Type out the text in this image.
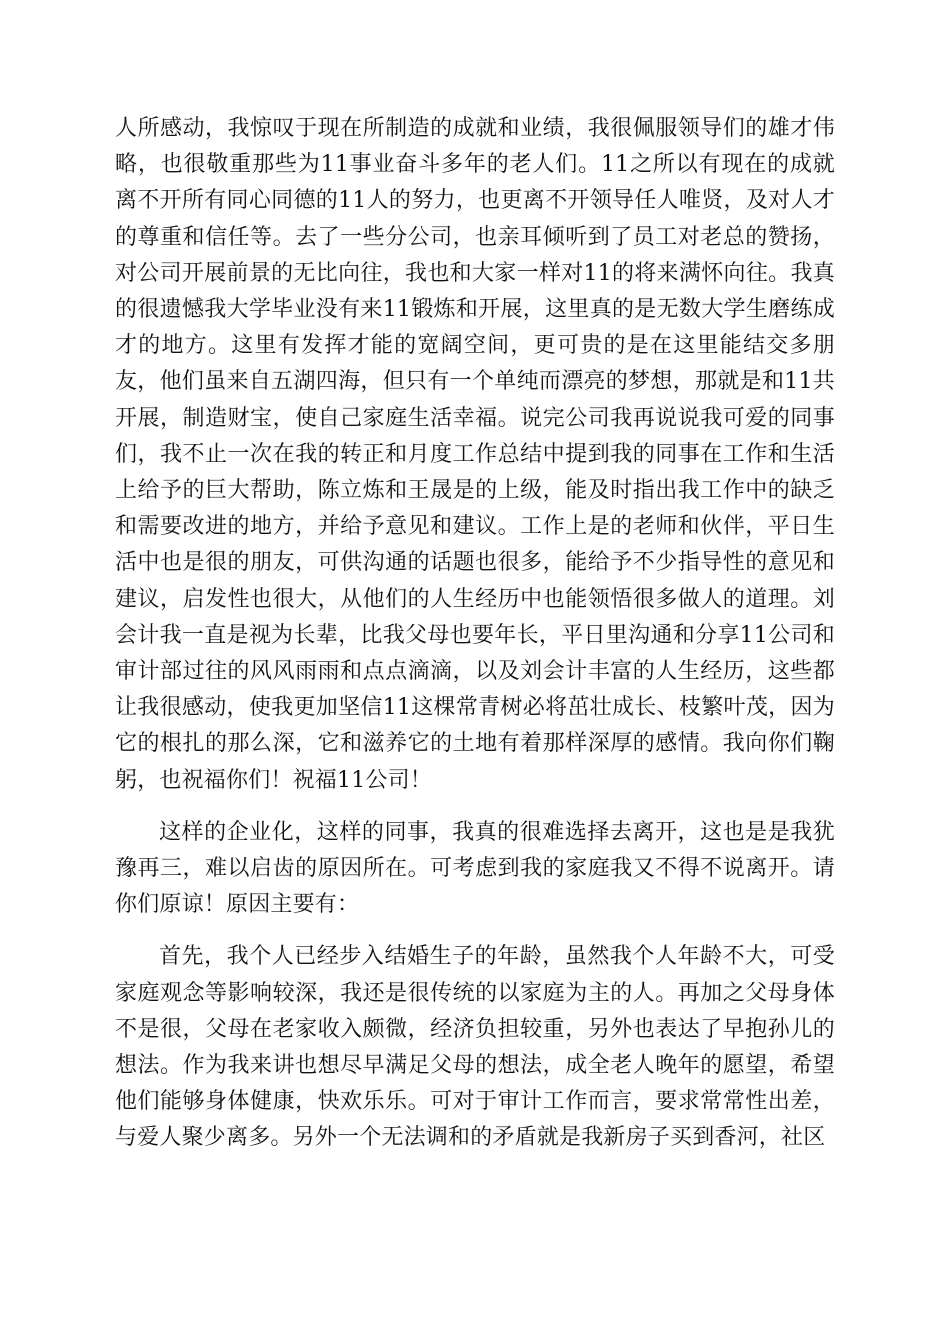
人所感动，我惊叹于现在所制造的成就和业绩，我很佩服领导们的雄才伟略，也很敬重那些为11事业奋斗多年的老人们。11之所以有现在的成就离不开所有同心同德的11人的努力，也更离不开领导任人唯贤，及对人才的尊重和信任等。去了一些分公司，也亲耳倾听到了员工对老总的赞扬，对公司开展前景的无比向往，我也和大家一样对11的将来满怀向往。我真的很遗憾我大学毕业没有来11锻炼和开展，这里真的是无数大学生磨练成才的地方。这里有发挥才能的宽阔空间，更可贵的是在这里能结交多朋友，他们虽来自五湖四海，但只有一个单纯而漂亮的梦想，那就是和11共开展，制造财宝，使自己家庭生活幸福。说完公司我再说说我可爱的同事们，我不止一次在我的转正和月度工作总结中提到我的同事在工作和生活上给予的巨大帮助，陈立炼和王晟是的上级，能及时指出我工作中的缺乏和需要改进的地方，并给予意见和建议。工作上是的老师和伙伴，平日生活中也是很的朋友，可供沟通的话题也很多，能给予不少指导性的意见和建议，启发性也很大，从他们的人生经历中也能领悟很多做人的道理。刘会计我一直是视为长辈，比我父母也要年长，平日里沟通和分享11公司和审计部过往的风风雨雨和点点滴滴，以及刘会计丰富的人生经历，这些都让我很感动，使我更加坚信11这棵常青树必将茁壮成长、枝繁叶茂，因为它的根扎的那么深，它和滋养它的土地有着那样深厚的感情。我向你们鞠躬，也祝福你们！祝福11公司！

这样的企业化，这样的同事，我真的很难选择去离开，这也是是我犹豫再三，难以启齿的原因所在。可考虑到我的家庭我又不得不说离开。请你们原谅！原因主要有：

首先，我个人已经步入结婚生子的年龄，虽然我个人年龄不大，可受家庭观念等影响较深，我还是很传统的以家庭为主的人。再加之父母身体不是很，父母在老家收入颇微，经济负担较重，另外也表达了早抱孙儿的想法。作为我来讲也想尽早满足父母的想法，成全老人晚年的愿望，希望他们能够身体健康，快欢乐乐。可对于审计工作而言，要求常常性出差，与爱人聚少离多。另外一个无法调和的矛盾就是我新房子买到香河，社区
